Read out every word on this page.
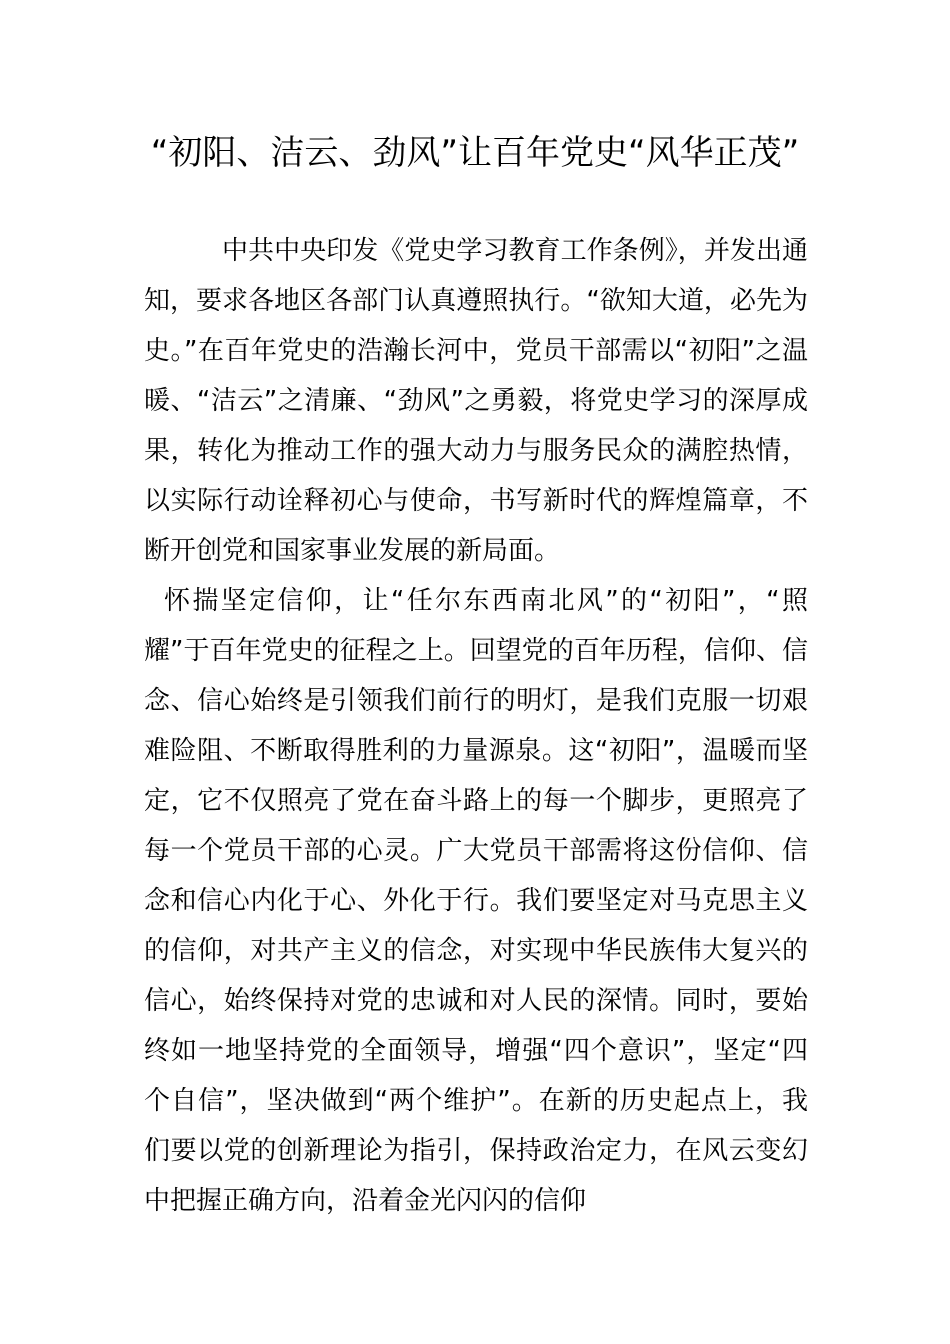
“初阳、洁云、劲风”让百年党史“风华正茂”

中共中央印发《党史学习教育工作条例》，并发出通知，要求各地区各部门认真遵照执行。“欲知大道，必先为史。”在百年党史的浩瀚长河中，党员干部需以“初阳”之温暖、“洁云”之清廉、“劲风”之勇毅，将党史学习的深厚成果，转化为推动工作的强大动力与服务民众的满腔热情，以实际行动诠释初心与使命，书写新时代的辉煌篇章，不断开创党和国家事业发展的新局面。

怀揣坚定信仰，让“任尔东西南北风”的“初阳”，“照耀”于百年党史的征程之上。回望党的百年历程，信仰、信念、信心始终是引领我们前行的明灯，是我们克服一切艰难险阻、不断取得胜利的力量源泉。这“初阳”，温暖而坚定，它不仅照亮了党在奋斗路上的每一个脚步，更照亮了每一个党员干部的心灵。广大党员干部需将这份信仰、信念和信心内化于心、外化于行。我们要坚定对马克思主义的信仰，对共产主义的信念，对实现中华民族伟大复兴的信心，始终保持对党的忠诚和对人民的深情。同时，要始终如一地坚持党的全面领导，增强“四个意识”，坚定“四个自信”，坚决做到“两个维护”。在新的历史起点上，我们要以党的创新理论为指引，保持政治定力，在风云变幻中把握正确方向，沿着金光闪闪的信仰
